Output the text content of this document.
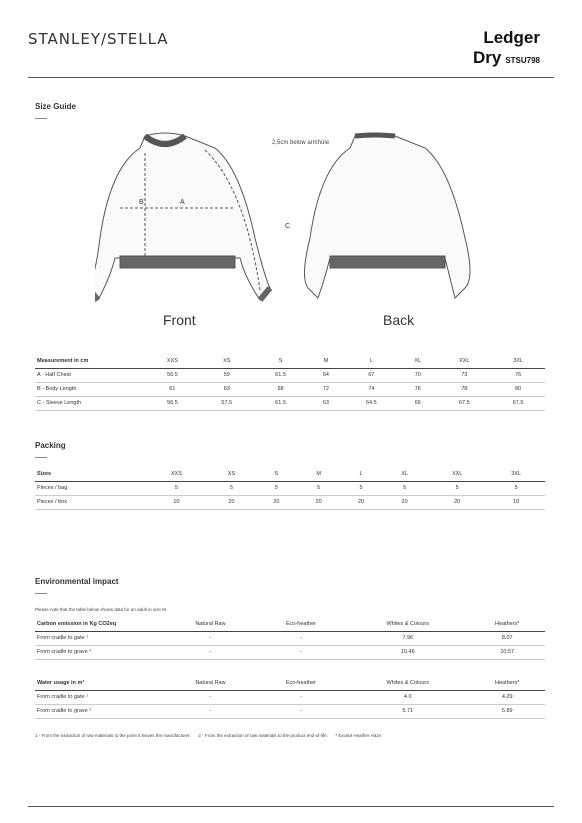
STANLEY/STELLA	Ledger
Dry STSU798
Size Guide
A
B
C
2,5cm below armhole
Front	Back
Measurement in cm	XXS	XS	S	M	L	XL	XXL	3XL
A - Half Chest	56.5	59	61.5	64	67	70	73	76
B - Body Length	61	63	68	72	74	76	78	80
C - Sleeve Length	56.5	57.5	61.5	63	64.5	66	67.5	67.5
Packing
Sizes	XXS	XS	S	M	L	XL	XXL	3XL
Pieces / bag	5	5	5	5	5	5	5	5
Pieces / box	10	20	20	20	20	20	20	10
Environmental impact
Please note that the table below shows data for an adult in size M.
Carbon emission in Kg CO2eq	Natural Raw	Eco-heather	Whites & Colours	Heathers*
From cradle to gate ¹	-	-	7.96	8.07
From cradle to grave ²	-	-	10.46	10.57
Water usage in m³	Natural Raw	Eco-heather	Whites & Colours	Heathers*
From cradle to gate ¹	-	-	4.0	4.29
From cradle to grave ²	-	-	5.71	5.89
1 - From the extraction of raw materials to the point it leaves the manufacturer.      2 - From the extraction of raw materials to the product end-of-life.      * Except Heather Haze
